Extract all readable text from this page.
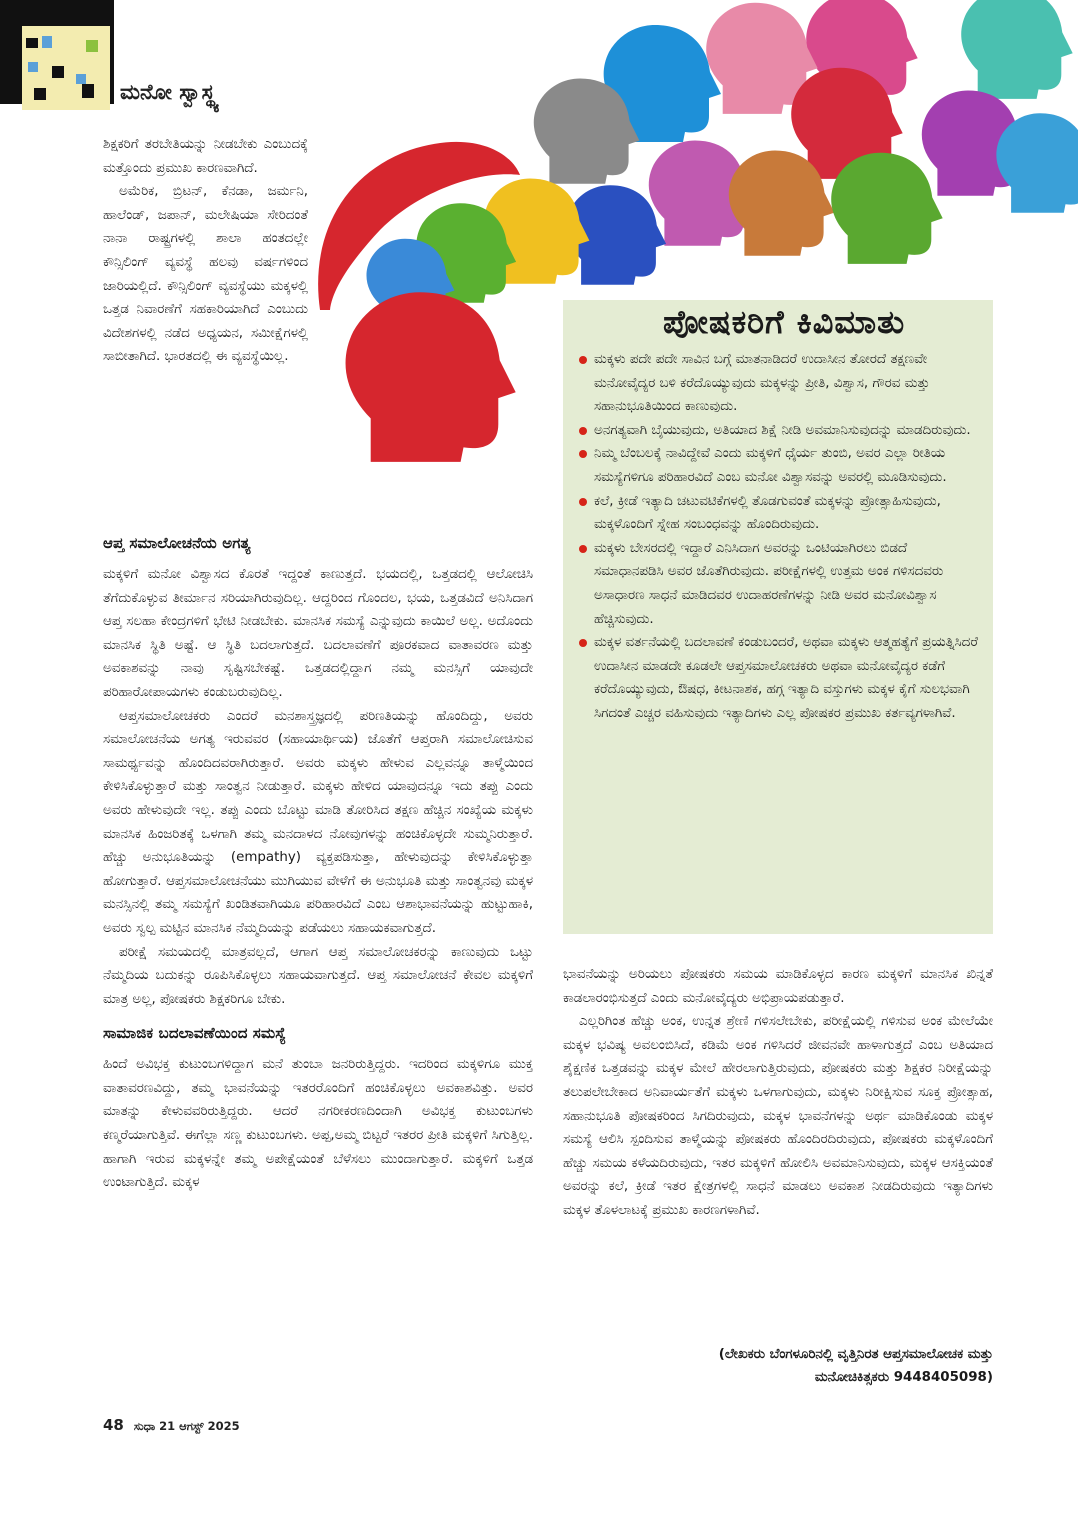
ಮನೋ ಸ್ವಾಸ್ಥ್ಯ

ಶಿಕ್ಷಕರಿಗೆ ತರಬೇತಿಯನ್ನು ನೀಡಬೇಕು ಎಂಬುದಕ್ಕೆ ಮತ್ತೊಂದು ಪ್ರಮುಖ ಕಾರಣವಾಗಿದೆ.

ಅಮೆರಿಕ, ಬ್ರಿಟನ್, ಕೆನಡಾ, ಜರ್ಮನಿ, ಹಾಲೆಂಡ್, ಜಪಾನ್, ಮಲೇಷಿಯಾ ಸೇರಿದಂತೆ ನಾನಾ ರಾಷ್ಟ್ರಗಳಲ್ಲಿ ಶಾಲಾ ಹಂತದಲ್ಲೇ ಕೌನ್ಸಿಲಿಂಗ್ ವ್ಯವಸ್ಥೆ ಹಲವು ವರ್ಷಗಳಿಂದ ಜಾರಿಯಲ್ಲಿದೆ. ಕೌನ್ಸಿಲಿಂಗ್ ವ್ಯವಸ್ಥೆಯು ಮಕ್ಕಳಲ್ಲಿ ಒತ್ತಡ ನಿವಾರಣೆಗೆ ಸಹಕಾರಿಯಾಗಿದೆ ಎಂಬುದು ವಿದೇಶಗಳಲ್ಲಿ ನಡೆದ ಅಧ್ಯಯನ, ಸಮೀಕ್ಷೆಗಳಲ್ಲಿ ಸಾಬೀತಾಗಿದೆ. ಭಾರತದಲ್ಲಿ ಈ ವ್ಯವಸ್ಥೆಯಿಲ್ಲ.

ಆಪ್ತ ಸಮಾಲೋಚನೆಯ ಅಗತ್ಯ

ಮಕ್ಕಳಿಗೆ ಮನೋ ವಿಶ್ವಾಸದ ಕೊರತೆ ಇದ್ದಂತೆ ಕಾಣುತ್ತದೆ. ಭಯದಲ್ಲಿ, ಒತ್ತಡದಲ್ಲಿ ಆಲೋಚಿಸಿ ತೆಗೆದುಕೊಳ್ಳುವ ತೀರ್ಮಾನ ಸರಿಯಾಗಿರುವುದಿಲ್ಲ. ಆದ್ದರಿಂದ ಗೊಂದಲ, ಭಯ, ಒತ್ತಡವಿದೆ ಅನಿಸಿದಾಗ ಆಪ್ತ ಸಲಹಾ ಕೇಂದ್ರಗಳಿಗೆ ಭೇಟಿ ನೀಡಬೇಕು. ಮಾನಸಿಕ ಸಮಸ್ಯೆ ಎನ್ನುವುದು ಕಾಯಿಲೆ ಅಲ್ಲ. ಅದೊಂದು ಮಾನಸಿಕ ಸ್ಥಿತಿ ಅಷ್ಟೆ. ಆ ಸ್ಥಿತಿ ಬದಲಾಗುತ್ತದೆ. ಬದಲಾವಣೆಗೆ ಪೂರಕವಾದ ವಾತಾವರಣ ಮತ್ತು ಅವಕಾಶವನ್ನು ನಾವು ಸೃಷ್ಟಿಸಬೇಕಷ್ಟೆ. ಒತ್ತಡದಲ್ಲಿದ್ದಾಗ ನಮ್ಮ ಮನಸ್ಸಿಗೆ ಯಾವುದೇ ಪರಿಹಾರೋಪಾಯಗಳು ಕಂಡುಬರುವುದಿಲ್ಲ.

ಆಪ್ತಸಮಾಲೋಚಕರು ಎಂದರೆ ಮನಶಾಸ್ತ್ರಜ್ಞದಲ್ಲಿ ಪರಿಣತಿಯನ್ನು ಹೊಂದಿದ್ದು, ಅವರು ಸಮಾಲೋಚನೆಯ ಅಗತ್ಯ ಇರುವವರ (ಸಹಾಯಾರ್ಥಿಯ) ಜೊತೆಗೆ ಆಪ್ತರಾಗಿ ಸಮಾಲೋಚಿಸುವ ಸಾಮರ್ಥ್ಯವನ್ನು ಹೊಂದಿದವರಾಗಿರುತ್ತಾರೆ. ಅವರು ಮಕ್ಕಳು ಹೇಳುವ ಎಲ್ಲವನ್ನೂ ತಾಳ್ಮೆಯಿಂದ ಕೇಳಿಸಿಕೊಳ್ಳುತ್ತಾರೆ ಮತ್ತು ಸಾಂತ್ವನ ನೀಡುತ್ತಾರೆ. ಮಕ್ಕಳು ಹೇಳಿದ ಯಾವುದನ್ನೂ ಇದು ತಪ್ಪು ಎಂದು ಅವರು ಹೇಳುವುದೇ ಇಲ್ಲ. ತಪ್ಪು ಎಂದು ಬೊಟ್ಟು ಮಾಡಿ ತೋರಿಸಿದ ತಕ್ಷಣ ಹೆಚ್ಚಿನ ಸಂಖ್ಯೆಯ ಮಕ್ಕಳು ಮಾನಸಿಕ ಹಿಂಜರಿತಕ್ಕೆ ಒಳಗಾಗಿ ತಮ್ಮ ಮನದಾಳದ ನೋವುಗಳನ್ನು ಹಂಚಿಕೊಳ್ಳದೇ ಸುಮ್ಮನಿರುತ್ತಾರೆ. ಹೆಚ್ಚು ಅನುಭೂತಿಯನ್ನು (empathy) ವ್ಯಕ್ತಪಡಿಸುತ್ತಾ, ಹೇಳುವುದನ್ನು ಕೇಳಿಸಿಕೊಳ್ಳುತ್ತಾ ಹೋಗುತ್ತಾರೆ. ಆಪ್ತಸಮಾಲೋಚನೆಯು ಮುಗಿಯುವ ವೇಳೆಗೆ ಈ ಅನುಭೂತಿ ಮತ್ತು ಸಾಂತ್ವನವು ಮಕ್ಕಳ ಮನಸ್ಸಿನಲ್ಲಿ ತಮ್ಮ ಸಮಸ್ಯೆಗೆ ಖಂಡಿತವಾಗಿಯೂ ಪರಿಹಾರವಿದೆ ಎಂಬ ಆಶಾಭಾವನೆಯನ್ನು ಹುಟ್ಟುಹಾಕಿ, ಅವರು ಸ್ವಲ್ಪ ಮಟ್ಟಿನ ಮಾನಸಿಕ ನೆಮ್ಮದಿಯನ್ನು ಪಡೆಯಲು ಸಹಾಯಕವಾಗುತ್ತದೆ.

ಪರೀಕ್ಷೆ ಸಮಯದಲ್ಲಿ ಮಾತ್ರವಲ್ಲದೆ, ಆಗಾಗ ಆಪ್ತ ಸಮಾಲೋಚಕರನ್ನು ಕಾಣುವುದು ಒಟ್ಟು ನೆಮ್ಮದಿಯ ಬದುಕನ್ನು ರೂಪಿಸಿಕೊಳ್ಳಲು ಸಹಾಯವಾಗುತ್ತದೆ. ಆಪ್ತ ಸಮಾಲೋಚನೆ ಕೇವಲ ಮಕ್ಕಳಿಗೆ ಮಾತ್ರ ಅಲ್ಲ, ಪೋಷಕರು ಶಿಕ್ಷಕರಿಗೂ ಬೇಕು.

ಸಾಮಾಜಿಕ ಬದಲಾವಣೆಯಿಂದ ಸಮಸ್ಯೆ

ಹಿಂದೆ ಅವಿಭಕ್ತ ಕುಟುಂಬಗಳಿದ್ದಾಗ ಮನೆ ತುಂಬಾ ಜನರಿರುತ್ತಿದ್ದರು. ಇದರಿಂದ ಮಕ್ಕಳಿಗೂ ಮುಕ್ತ ವಾತಾವರಣವಿದ್ದು, ತಮ್ಮ ಭಾವನೆಯನ್ನು ಇತರರೊಂದಿಗೆ ಹಂಚಿಕೊಳ್ಳಲು ಅವಕಾಶವಿತ್ತು. ಅವರ ಮಾತನ್ನು ಕೇಳುವವರಿರುತ್ತಿದ್ದರು. ಆದರೆ ನಗರೀಕರಣದಿಂದಾಗಿ ಅವಿಭಕ್ತ ಕುಟುಂಬಗಳು ಕಣ್ಮರೆಯಾಗುತ್ತಿವೆ. ಈಗೆಲ್ಲಾ ಸಣ್ಣ ಕುಟುಂಬಗಳು. ಅಪ್ಪ,ಅಮ್ಮ ಬಿಟ್ಟರೆ ಇತರರ ಪ್ರೀತಿ ಮಕ್ಕಳಿಗೆ ಸಿಗುತ್ತಿಲ್ಲ. ಹಾಗಾಗಿ ಇರುವ ಮಕ್ಕಳನ್ನೇ ತಮ್ಮ ಅಪೇಕ್ಷೆಯಂತೆ ಬೆಳೆಸಲು ಮುಂದಾಗುತ್ತಾರೆ. ಮಕ್ಕಳಿಗೆ ಒತ್ತಡ ಉಂಟಾಗುತ್ತಿದೆ. ಮಕ್ಕಳ

ಪೋಷಕರಿಗೆ ಕಿವಿಮಾತು
ಮಕ್ಕಳು ಪದೇ ಪದೇ ಸಾವಿನ ಬಗ್ಗೆ ಮಾತನಾಡಿದರೆ ಉದಾಸೀನ ತೋರದೆ ತಕ್ಷಣವೇ ಮನೋವೈದ್ಯರ ಬಳಿ ಕರೆದೊಯ್ಯುವುದು ಮಕ್ಕಳನ್ನು ಪ್ರೀತಿ, ವಿಶ್ವಾಸ, ಗೌರವ ಮತ್ತು ಸಹಾನುಭೂತಿಯಿಂದ ಕಾಣುವುದು.
ಅನಗತ್ಯವಾಗಿ ಬೈಯುವುದು, ಅತಿಯಾದ ಶಿಕ್ಷೆ ನೀಡಿ ಅವಮಾನಿಸುವುದನ್ನು ಮಾಡದಿರುವುದು.
ನಿಮ್ಮ ಬೆಂಬಲಕ್ಕೆ ನಾವಿದ್ದೇವೆ ಎಂದು ಮಕ್ಕಳಿಗೆ ಧೈರ್ಯ ತುಂಬಿ, ಅವರ ಎಲ್ಲಾ ರೀತಿಯ ಸಮಸ್ಯೆಗಳಿಗೂ ಪರಿಹಾರವಿದೆ ಎಂಬ ಮನೋ ವಿಶ್ವಾಸವನ್ನು ಅವರಲ್ಲಿ ಮೂಡಿಸುವುದು.
ಕಲೆ, ಕ್ರೀಡೆ ಇತ್ಯಾದಿ ಚಟುವಟಿಕೆಗಳಲ್ಲಿ ತೊಡಗುವಂತೆ ಮಕ್ಕಳನ್ನು ಪ್ರೋತ್ಸಾಹಿಸುವುದು, ಮಕ್ಕಳೊಂದಿಗೆ ಸ್ನೇಹ ಸಂಬಂಧವನ್ನು ಹೊಂದಿರುವುದು.
ಮಕ್ಕಳು ಬೇಸರದಲ್ಲಿ ಇದ್ದಾರೆ ಎನಿಸಿದಾಗ ಅವರನ್ನು ಒಂಟಿಯಾಗಿರಲು ಬಿಡದೆ ಸಮಾಧಾನಪಡಿಸಿ ಅವರ ಜೊತೆಗಿರುವುದು. ಪರೀಕ್ಷೆಗಳಲ್ಲಿ ಉತ್ತಮ ಅಂಕ ಗಳಿಸದವರು ಅಸಾಧಾರಣ ಸಾಧನೆ ಮಾಡಿದವರ ಉದಾಹರಣೆಗಳನ್ನು ನೀಡಿ ಅವರ ಮನೋವಿಶ್ವಾಸ ಹೆಚ್ಚಿಸುವುದು.
ಮಕ್ಕಳ ವರ್ತನೆಯಲ್ಲಿ ಬದಲಾವಣೆ ಕಂಡುಬಂದರೆ, ಅಥವಾ ಮಕ್ಕಳು ಆತ್ಮಹತ್ಯೆಗೆ ಪ್ರಯತ್ನಿಸಿದರೆ ಉದಾಸೀನ ಮಾಡದೇ ಕೂಡಲೇ ಆಪ್ತಸಮಾಲೋಚಕರು ಅಥವಾ ಮನೋವೈದ್ಯರ ಕಡೆಗೆ ಕರೆದೊಯ್ಯುವುದು, ಔಷಧ, ಕೀಟನಾಶಕ, ಹಗ್ಗ ಇತ್ಯಾದಿ ವಸ್ತುಗಳು ಮಕ್ಕಳ ಕೈಗೆ ಸುಲಭವಾಗಿ ಸಿಗದಂತೆ ಎಚ್ಚರ ವಹಿಸುವುದು ಇತ್ಯಾದಿಗಳು ಎಲ್ಲ ಪೋಷಕರ ಪ್ರಮುಖ ಕರ್ತವ್ಯಗಳಾಗಿವೆ.

ಭಾವನೆಯನ್ನು ಅರಿಯಲು ಪೋಷಕರು ಸಮಯ ಮಾಡಿಕೊಳ್ಳದ ಕಾರಣ ಮಕ್ಕಳಿಗೆ ಮಾನಸಿಕ ಖಿನ್ನತೆ ಕಾಡಲಾರಂಭಿಸುತ್ತದೆ ಎಂದು ಮನೋವೈದ್ಯರು ಅಭಿಪ್ರಾಯಪಡುತ್ತಾರೆ.

ಎಲ್ಲರಿಗಿಂತ ಹೆಚ್ಚು ಅಂಕ, ಉನ್ನತ ಶ್ರೇಣಿ ಗಳಿಸಲೇಬೇಕು, ಪರೀಕ್ಷೆಯಲ್ಲಿ ಗಳಿಸುವ ಅಂಕ ಮೇಲೆಯೇ ಮಕ್ಕಳ ಭವಿಷ್ಯ ಅವಲಂಬಿಸಿದೆ, ಕಡಿಮೆ ಅಂಕ ಗಳಿಸಿದರೆ ಜೀವನವೇ ಹಾಳಾಗುತ್ತದೆ ಎಂಬ ಅತಿಯಾದ ಶೈಕ್ಷಣಿಕ ಒತ್ತಡವನ್ನು ಮಕ್ಕಳ ಮೇಲೆ ಹೇರಲಾಗುತ್ತಿರುವುದು, ಪೋಷಕರು ಮತ್ತು ಶಿಕ್ಷಕರ ನಿರೀಕ್ಷೆಯನ್ನು ತಲುಪಲೇಬೇಕಾದ ಅನಿವಾರ್ಯತೆಗೆ ಮಕ್ಕಳು ಒಳಗಾಗುವುದು, ಮಕ್ಕಳು ನಿರೀಕ್ಷಿಸುವ ಸೂಕ್ತ ಪ್ರೋತ್ಸಾಹ, ಸಹಾನುಭೂತಿ ಪೋಷಕರಿಂದ ಸಿಗದಿರುವುದು, ಮಕ್ಕಳ ಭಾವನೆಗಳನ್ನು ಅರ್ಥ ಮಾಡಿಕೊಂಡು ಮಕ್ಕಳ ಸಮಸ್ಯೆ ಆಲಿಸಿ ಸ್ಪಂದಿಸುವ ತಾಳ್ಮೆಯನ್ನು ಪೋಷಕರು ಹೊಂದಿರದಿರುವುದು, ಪೋಷಕರು ಮಕ್ಕಳೊಂದಿಗೆ ಹೆಚ್ಚು ಸಮಯ ಕಳೆಯದಿರುವುದು, ಇತರ ಮಕ್ಕಳಿಗೆ ಹೋಲಿಸಿ ಅವಮಾನಿಸುವುದು, ಮಕ್ಕಳ ಆಸಕ್ತಿಯಂತೆ ಅವರನ್ನು ಕಲೆ, ಕ್ರೀಡೆ ಇತರ ಕ್ಷೇತ್ರಗಳಲ್ಲಿ ಸಾಧನೆ ಮಾಡಲು ಅವಕಾಶ ನೀಡದಿರುವುದು ಇತ್ಯಾದಿಗಳು ಮಕ್ಕಳ ತೊಳಲಾಟಕ್ಕೆ ಪ್ರಮುಖ ಕಾರಣಗಳಾಗಿವೆ.

(ಲೇಖಕರು ಬೆಂಗಳೂರಿನಲ್ಲಿ ವೃತ್ತಿನಿರತ ಆಪ್ತಸಮಾಲೋಚಕ ಮತ್ತು
ಮನೋಚಿಕಿತ್ಸಕರು 9448405098)
48 ಸುಧಾ 21 ಆಗಸ್ಟ್ 2025
